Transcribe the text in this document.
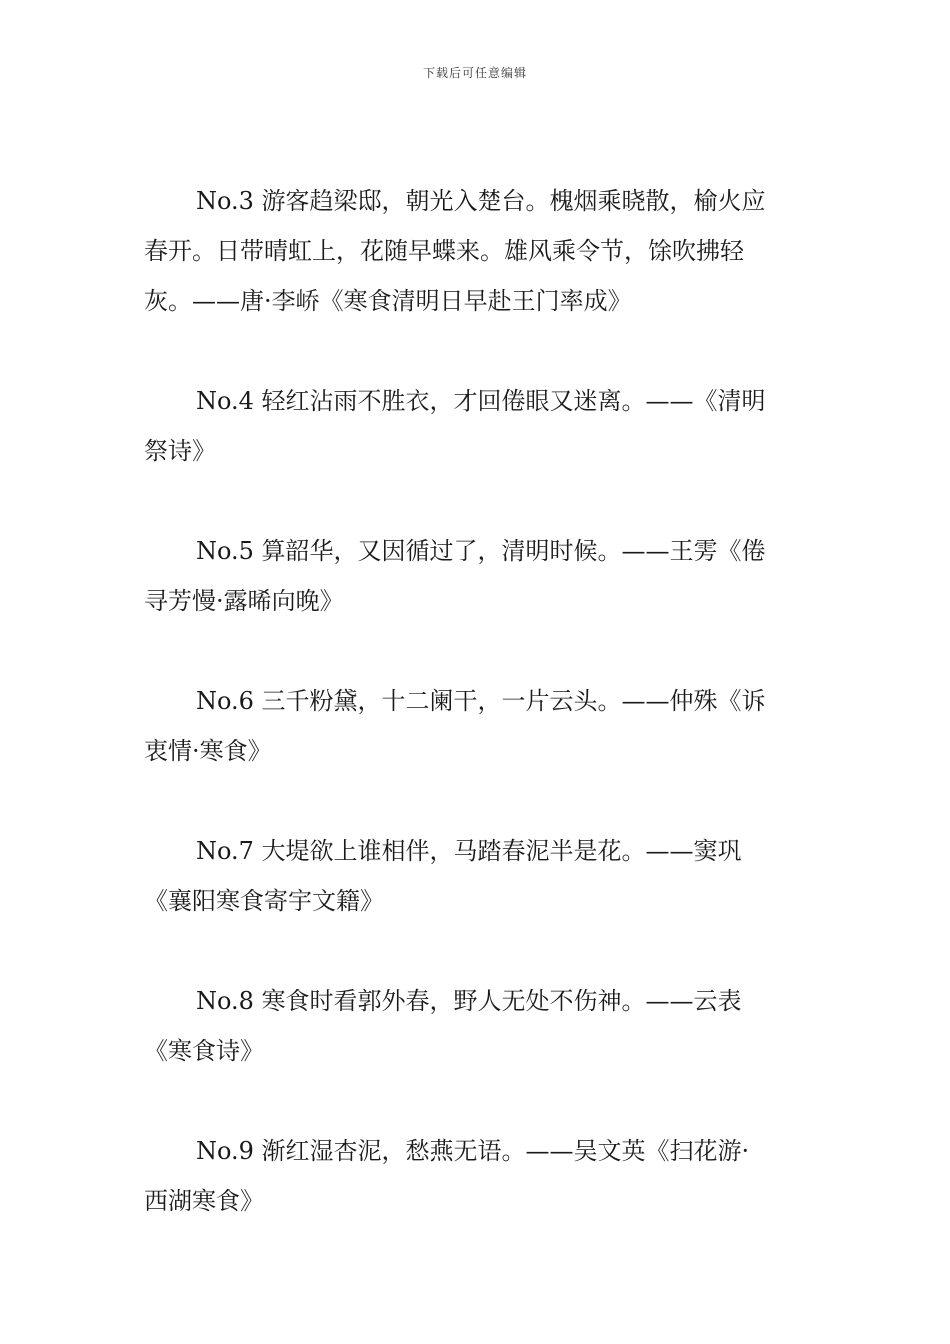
下载后可任意编辑
No.3 游客趋梁邸，朝光入楚台。槐烟乘晓散，榆火应
春开。日带晴虹上，花随早蝶来。雄风乘令节，馀吹拂轻
灰。——唐·李峤《寒食清明日早赴王门率成》
No.4 轻红沾雨不胜衣，才回倦眼又迷离。——《清明
祭诗》
No.5 算韶华，又因循过了，清明时候。——王雱《倦
寻芳慢·露晞向晚》
No.6 三千粉黛，十二阑干，一片云头。——仲殊《诉
衷情·寒食》
No.7 大堤欲上谁相伴，马踏春泥半是花。——窦巩
《襄阳寒食寄宇文籍》
No.8 寒食时看郭外春，野人无处不伤神。——云表
《寒食诗》
No.9 渐红湿杏泥，愁燕无语。——吴文英《扫花游·
西湖寒食》
